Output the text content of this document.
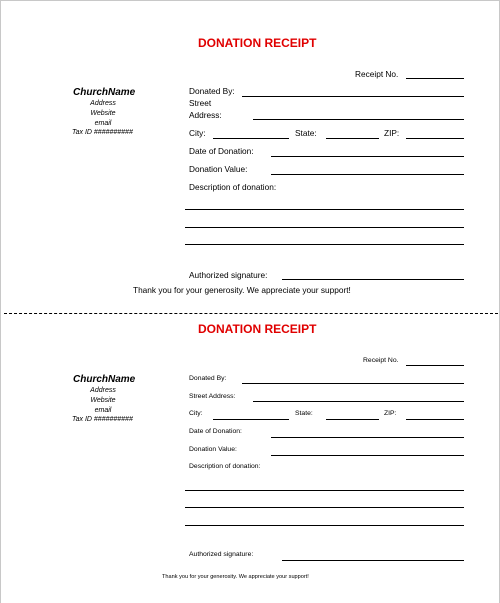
DONATION RECEIPT
Receipt No.
ChurchName
Address
Website
email
Tax ID ##########
Donated By:
Street
Address:
City:	State:	ZIP:
Date of Donation:
Donation Value:
Description of donation:
Authorized signature:
Thank you for your generosity. We appreciate your support!
DONATION RECEIPT
Receipt No.
ChurchName
Address
Website
email
Tax ID ##########
Donated By:
Street Address:
City:	State:	ZIP:
Date of Donation:
Donation Value:
Description of donation:
Authorized signature:
Thank you for your generosity. We appreciate your support!
